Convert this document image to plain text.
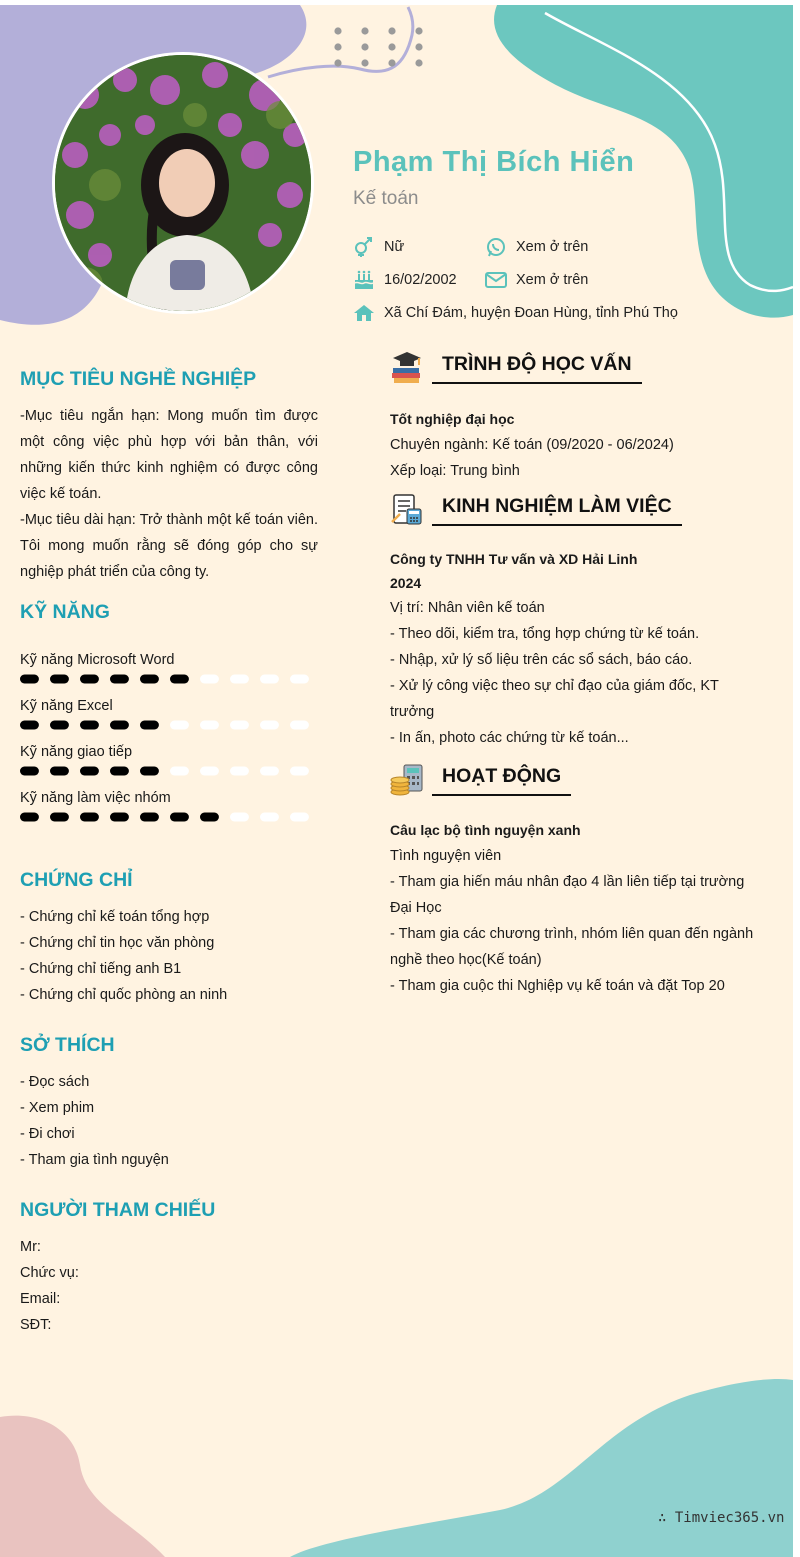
Phạm Thị Bích Hiển
Kế toán
Nữ	Xem ở trên
16/02/2002	Xem ở trên
Xã Chí Đám, huyện Đoan Hùng, tỉnh Phú Thọ
MỤC TIÊU NGHỀ NGHIỆP
-Mục tiêu ngắn hạn: Mong muốn tìm được một công việc phù hợp với bản thân, với những kiến thức kinh nghiệm có được công việc kế toán.
-Mục tiêu dài hạn: Trở thành một kế toán viên. Tôi mong muốn rằng sẽ đóng góp cho sự nghiệp phát triển của công ty.
KỸ NĂNG
Kỹ năng Microsoft Word
Kỹ năng Excel
Kỹ năng giao tiếp
Kỹ năng làm việc nhóm
CHỨNG CHỈ
- Chứng chỉ kế toán tổng hợp
- Chứng chỉ tin học văn phòng
- Chứng chỉ tiếng anh B1
- Chứng chỉ quốc phòng an ninh
SỞ THÍCH
- Đọc sách
- Xem phim
- Đi chơi
- Tham gia tình nguyện
NGƯỜI THAM CHIẾU
Mr:
Chức vụ:
Email:
SĐT:
TRÌNH ĐỘ HỌC VẤN
Tốt nghiệp đại học
Chuyên ngành: Kế toán (09/2020 - 06/2024)
Xếp loại: Trung bình
KINH NGHIỆM LÀM VIỆC
Công ty TNHH Tư vấn và XD Hải Linh
2024
Vị trí: Nhân viên kế toán
- Theo dõi, kiểm tra, tổng hợp chứng từ kế toán.
- Nhập, xử lý số liệu trên các sổ sách, báo cáo.
- Xử lý công việc theo sự chỉ đạo của giám đốc, KT
trưởng
- In ấn, photo các chứng từ kế toán...
HOẠT ĐỘNG
Câu lạc bộ tình nguyện xanh
Tình nguyện viên
- Tham gia hiến máu nhân đạo 4 lần liên tiếp tại trường
Đại Học
- Tham gia các chương trình, nhóm liên quan đến ngành
nghề theo học(Kế toán)
- Tham gia cuộc thi Nghiệp vụ kế toán và đặt Top 20
∴ Timviec365.vn
